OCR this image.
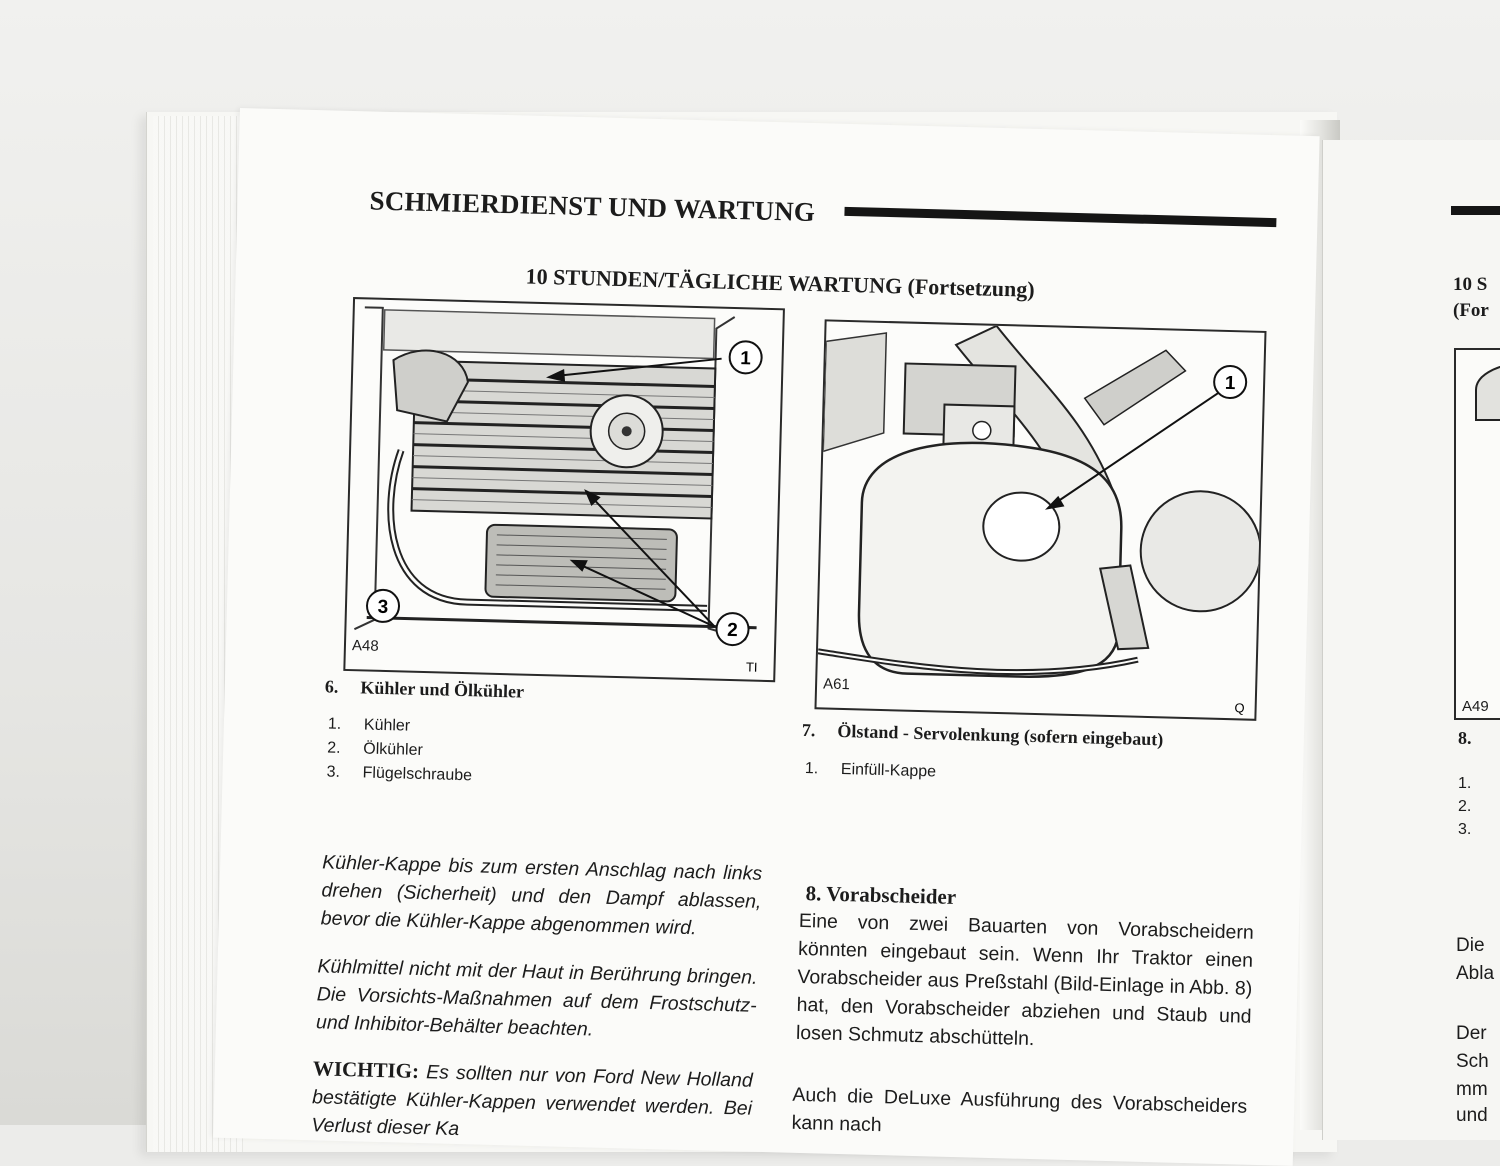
10 S
(For
SCHMIERDIENST UND WARTUNG
10 STUNDEN/TÄGLICHE WARTUNG (Fortsetzung)
1
2
3
TI
A48
6. Kühler und Ölkühler
1. Kühler
2. Ölkühler
3. Flügelschraube
1
Q
A61
7. Ölstand - Servolenkung (sofern eingebaut)
1. Einfüll-Kappe
Kühler-Kappe bis zum ersten Anschlag nach links drehen (Sicherheit) und den Dampf ablassen, bevor die Kühler-Kappe abgenommen wird.
Kühlmittel nicht mit der Haut in Berührung bringen. Die Vorsichts-Maßnahmen auf dem Frostschutz- und Inhibitor-Behälter beachten.
WICHTIG: Es sollten nur von Ford New Holland bestätigte Kühler-Kappen verwendet werden. Bei Verlust dieser Ka
8. Vorabscheider
Eine von zwei Bauarten von Vorabscheidern könnten eingebaut sein. Wenn Ihr Traktor einen Vorabscheider aus Preßstahl (Bild-Einlage in Abb. 8) hat, den Vorabscheider abziehen und Staub und losen Schmutz abschütteln.
Auch die DeLuxe Ausführung des Vorabscheiders kann nach
A49
8.
1.
2.
3.
Die
Abla
Der
Sch
mm
und
